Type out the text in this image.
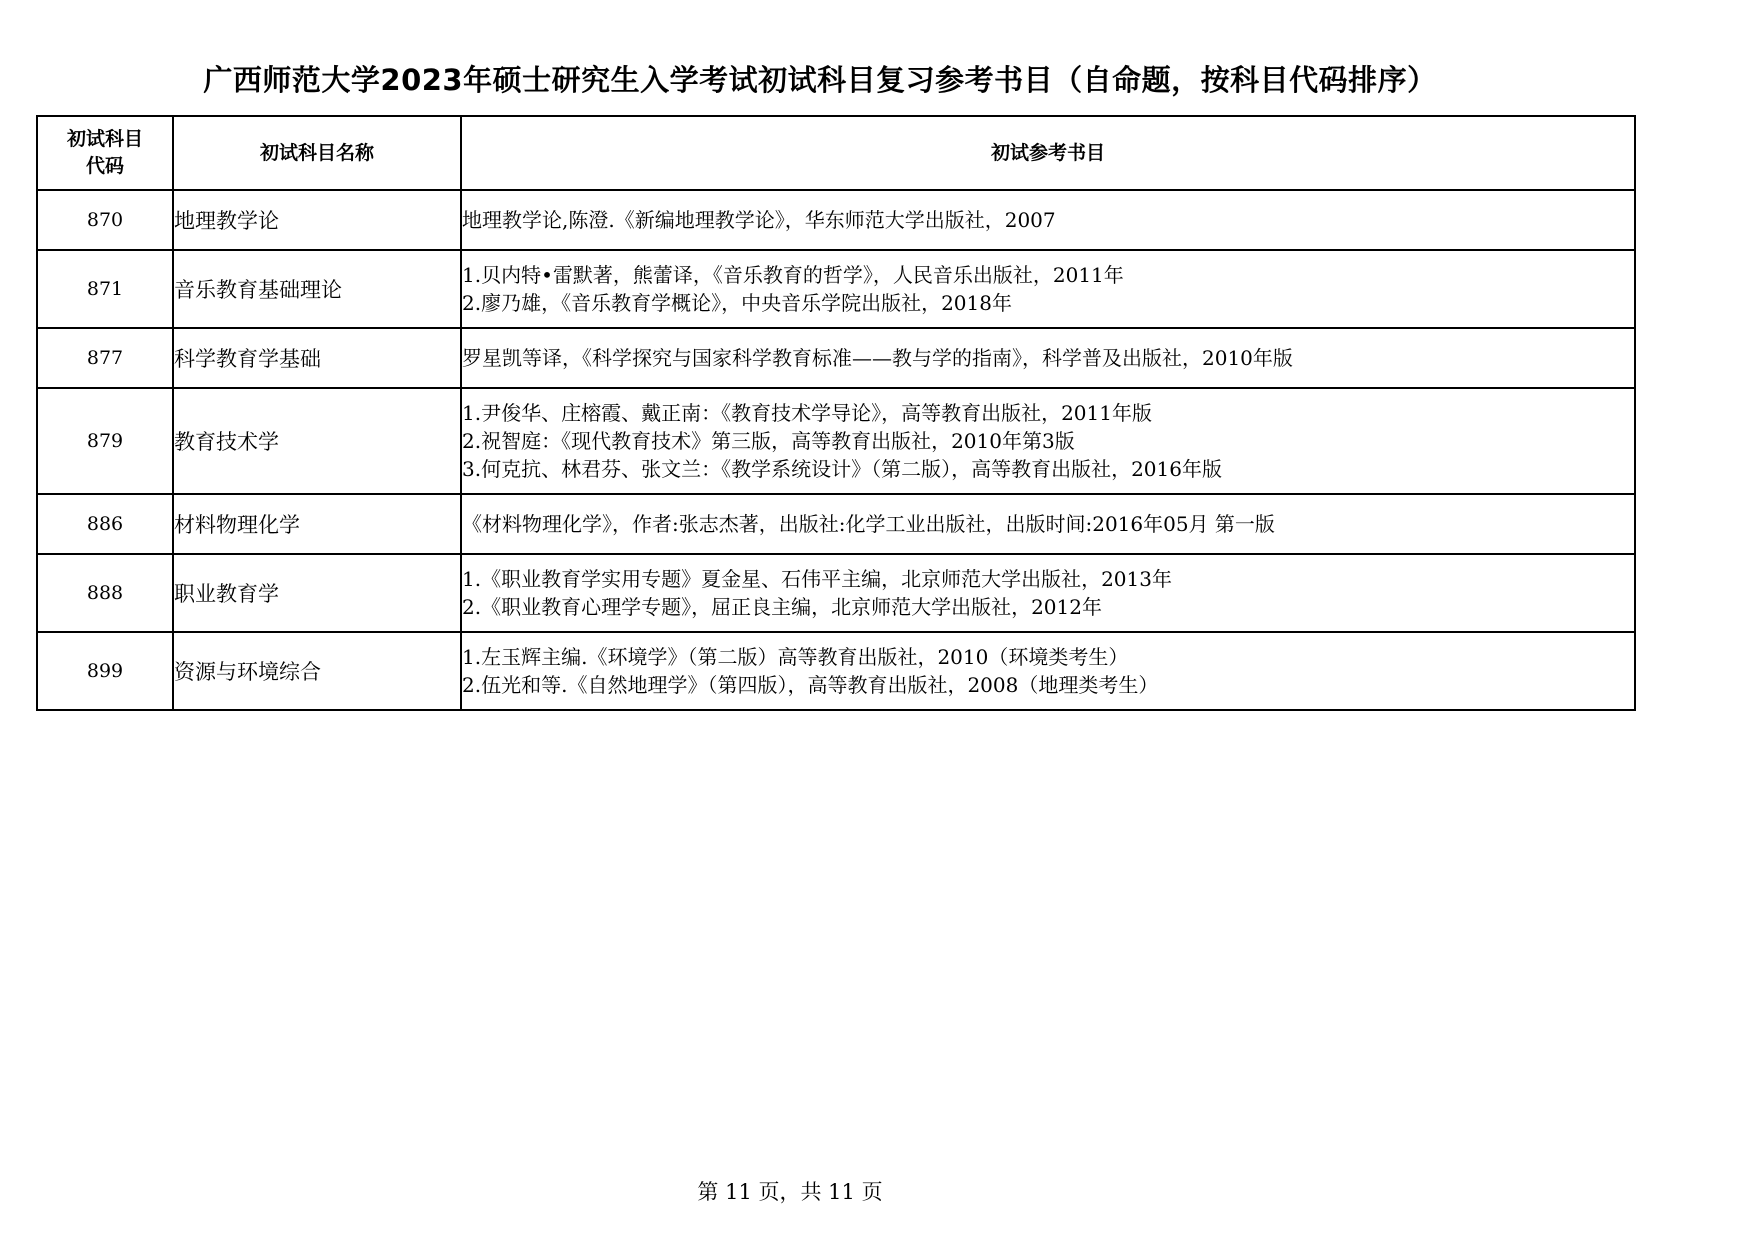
广西师范大学2023年硕士研究生入学考试初试科目复习参考书目（自命题，按科目代码排序）
初试科目
代码	初试科目名称	初试参考书目
870	地理教学论	地理教学论,陈澄.《新编地理教学论》，华东师范大学出版社，2007

871	音乐教育基础理论	1.贝内特•雷默著，熊蕾译，《音乐教育的哲学》，人民音乐出版社，2011年
2.廖乃雄，《音乐教育学概论》，中央音乐学院出版社，2018年

877	科学教育学基础	罗星凯等译，《科学探究与国家科学教育标准——教与学的指南》，科学普及出版社，2010年版

879	教育技术学	1.尹俊华、庄榕霞、戴正南：《教育技术学导论》，高等教育出版社，2011年版
2.祝智庭：《现代教育技术》第三版，高等教育出版社，2010年第3版
3.何克抗、林君芬、张文兰：《教学系统设计》（第二版），高等教育出版社，2016年版

886	材料物理化学	《材料物理化学》，作者:张志杰著，出版社:化学工业出版社，出版时间:2016年05月 第一版

888	职业教育学	1.《职业教育学实用专题》夏金星、石伟平主编，北京师范大学出版社，2013年
2.《职业教育心理学专题》，屈正良主编，北京师范大学出版社，2012年

899	资源与环境综合	1.左玉辉主编.《环境学》（第二版）高等教育出版社，2010（环境类考生）
2.伍光和等.《自然地理学》（第四版），高等教育出版社，2008（地理类考生）
第 11 页，共 11 页
